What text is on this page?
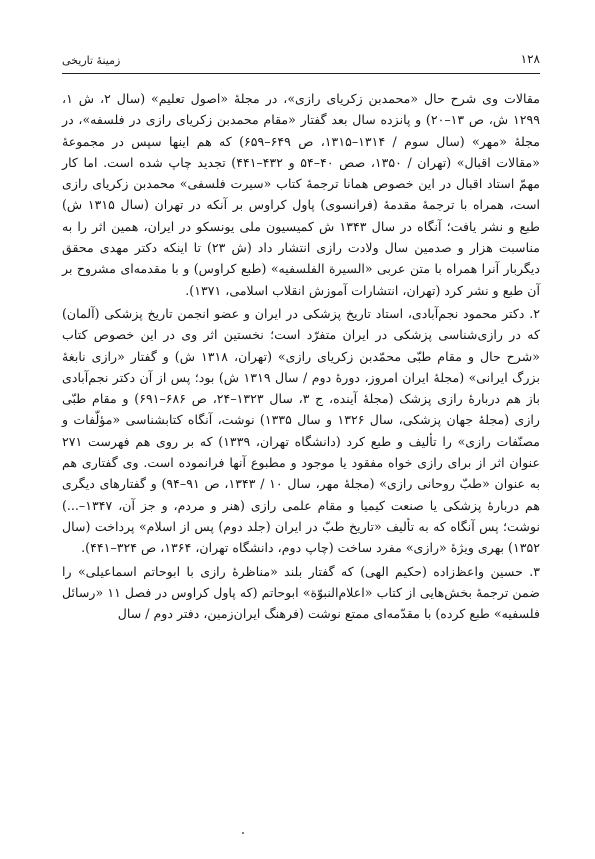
۱۲۸
زمینهٔ تاریخی

مقالات وی شرح حال «محمدبن زکریای رازی»، در مجلهٔ «اصول تعلیم» (سال ۲، ش ۱، ۱۲۹۹ ش، ص ۱۳–۲۰) و پانزده سال بعد گفتار «مقام محمدبن زکریای رازی در فلسفه»، در مجلهٔ «مهر» (سال سوم / ۱۳۱۴–۱۳۱۵، ص ۶۴۹–۶۵۹) که هم اینها سپس در مجموعهٔ «مقالات اقبال» (تهران / ۱۳۵۰، صص ۴۰–۵۴ و ۴۳۲–۴۴۱) تجدید چاپ شده است. اما کار مهمّ استاد اقبال در این خصوص همانا ترجمهٔ کتاب «سیرت فلسفی» محمدبن زکریای رازی است، همراه با ترجمهٔ مقدمهٔ (فرانسوی) پاول کراوس بر آنکه در تهران (سال ۱۳۱۵ ش) طبع و نشر یافت؛ آنگاه در سال ۱۳۴۳ ش کمیسیون ملی یونسکو در ایران، همین اثر را به مناسبت هزار و صدمین سال ولادت رازی انتشار داد (ش ۲۳) تا اینکه دکتر مهدی محقق دیگربار آنرا همراه با متن عربی «السیرة الفلسفیه» (طبع کراوس) و با مقدمه‌ای مشروح بر آن طبع و نشر کرد (تهران، انتشارات آموزش انقلاب اسلامی، ۱۳۷۱).

۲. دکتر محمود نجم‌آبادی، استاد تاریخ پزشکی در ایران و عضو انجمن تاریخ پزشکی (آلمان) که در رازی‌شناسی پزشکی در ایران متفرّد است؛ نخستین اثر وی در این خصوص کتاب «شرح حال و مقام طبّی محمّدبن زکریای رازی» (تهران، ۱۳۱۸ ش) و گفتار «رازی نابغهٔ بزرگ ایرانی» (مجلهٔ ایران امروز، دورهٔ دوم / سال ۱۳۱۹ ش) بود؛ پس از آن دکتر نجم‌آبادی باز هم دربارهٔ رازی پزشک (مجلهٔ آینده، ج ۳، سال ۱۳۲۳–۲۴، ص ۶۸۶–۶۹۱) و مقام طبّی رازی (مجلهٔ جهان پزشکی، سال ۱۳۲۶ و سال ۱۳۳۵) نوشت، آنگاه کتابشناسی «مؤلّفات و مصنّفات رازی» را تألیف و طبع کرد (دانشگاه تهران، ۱۳۳۹) که بر روی هم فهرست ۲۷۱ عنوان اثر از برای رازی خواه مفقود یا موجود و مطبوع آنها فرانموده است. وی گفتاری هم به عنوان «طبّ روحانی رازی» (مجلهٔ مهر، سال ۱۰ / ۱۳۴۳، ص ۹۱–۹۴) و گفتارهای دیگری هم دربارهٔ پزشکی یا صنعت کیمیا و مقام علمی رازی (هنر و مردم، و جز آن، ۱۳۴۷–...) نوشت؛ پس آنگاه که به تألیف «تاریخ طبّ در ایران (جلد دوم) پس از اسلام» پرداخت (سال ۱۳۵۲) بهری ویژهٔ «رازی» مفرد ساخت (چاپ دوم، دانشگاه تهران، ۱۳۶۴، ص ۳۲۴–۴۴۱).

۳. حسین واعظ‌زاده (حکیم الهی) که گفتار بلند «مناظرهٔ رازی با ابوحاتم اسماعیلی» را ضمن ترجمهٔ بخش‌هایی از کتاب «اعلام‌النبوّة» ابوحاتم (که پاول کراوس در فصل ۱۱ «رسائل فلسفیه» طبع کرده) با مقدّمه‌ای ممتع نوشت (فرهنگ ایران‌زمین، دفتر دوم / سال
